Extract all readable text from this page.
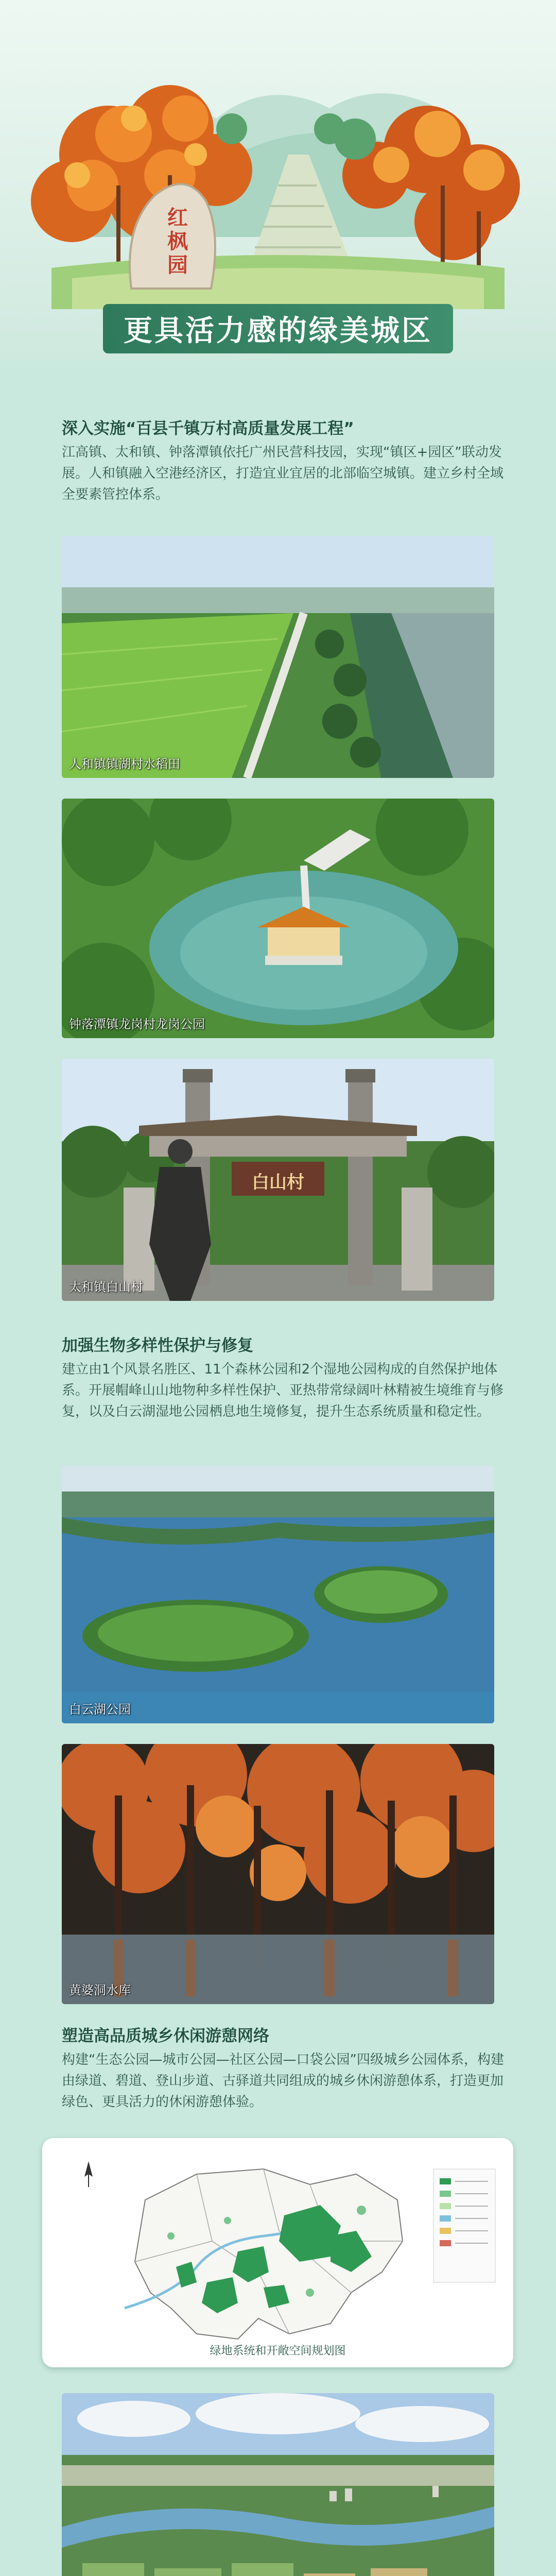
红枫园
更具活力感的绿美城区
深入实施“百县千镇万村高质量发展工程”
江高镇、太和镇、钟落潭镇依托广州民营科技园，实现“镇区+园区”联动发展。人和镇融入空港经济区，打造宜业宜居的北部临空城镇。建立乡村全域全要素管控体系。
人和镇镇湖村水稻田
钟落潭镇龙岗村龙岗公园
白山村
太和镇白山村
加强生物多样性保护与修复
建立由1个风景名胜区、11个森林公园和2个湿地公园构成的自然保护地体系。开展帽峰山山地物种多样性保护、亚热带常绿阔叶林精被生境维育与修复，以及白云湖湿地公园栖息地生境修复，提升生态系统质量和稳定性。
白云湖公园
黄婆洞水库
塑造高品质城乡休闲游憩网络
构建“生态公园—城市公园—社区公园—口袋公园”四级城乡公园体系，构建由绿道、碧道、登山步道、古驿道共同组成的城乡休闲游憩体系，打造更加绿色、更具活力的休闲游憩体验。
绿地系统和开敞空间规划图
